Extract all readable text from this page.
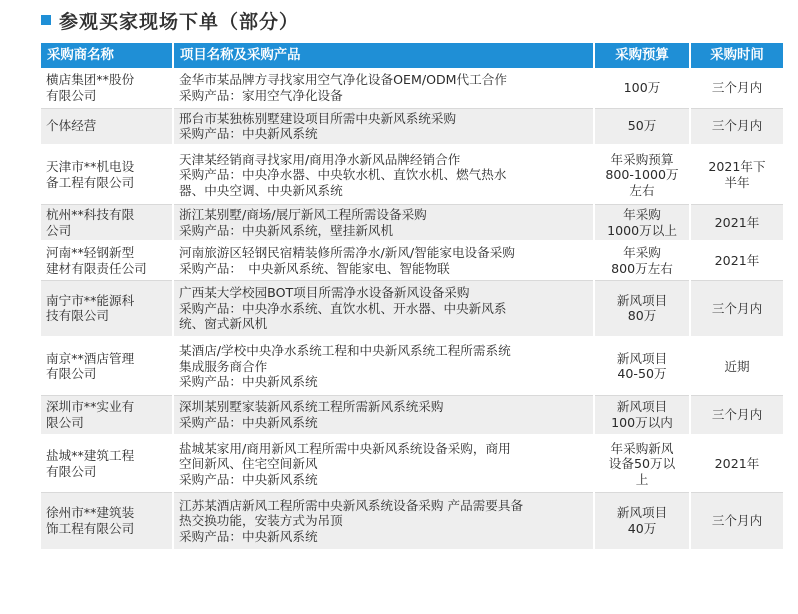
参观买家现场下单（部分）
采购商名称	项目名称及采购产品	采购预算	采购时间

横店集团**股份
有限公司	金华市某品牌方寻找家用空气净化设备OEM/ODM代工合作
采购产品：家用空气净化设备	100万	三个月内

个体经营	邢台市某独栋别墅建设项目所需中央新风系统采购
采购产品：中央新风系统	50万	三个月内

天津市**机电设
备工程有限公司	天津某经销商寻找家用/商用净水新风品牌经销合作
采购产品：中央净水器、中央软水机、直饮水机、燃气热水
器、中央空调、中央新风系统	年采购预算
800-1000万
左右	2021年下
半年

杭州**科技有限
公司	浙江某别墅/商场/展厅新风工程所需设备采购
采购产品：中央新风系统，壁挂新风机	年采购
1000万以上	2021年

河南**轻钢新型
建材有限责任公司	河南旅游区轻钢民宿精装修所需净水/新风/智能家电设备采购
采购产品：　中央新风系统、智能家电、智能物联	年采购
800万左右	2021年

南宁市**能源科
技有限公司	广西某大学校园BOT项目所需净水设备新风设备采购
采购产品：中央净水系统、直饮水机、开水器、中央新风系
统、窗式新风机	新风项目
80万	三个月内

南京**酒店管理
有限公司	某酒店/学校中央净水系统工程和中央新风系统工程所需系统
集成服务商合作
采购产品：中央新风系统	新风项目
40-50万	近期

深圳市**实业有
限公司	深圳某别墅家装新风系统工程所需新风系统采购
采购产品：中央新风系统	新风项目
100万以内	三个月内

盐城**建筑工程
有限公司	盐城某家用/商用新风工程所需中央新风系统设备采购，商用
空间新风、住宅空间新风
采购产品：中央新风系统	年采购新风
设备50万以
上	2021年

徐州市**建筑装
饰工程有限公司	江苏某酒店新风工程所需中央新风系统设备采购 产品需要具备
热交换功能，安装方式为吊顶
采购产品：中央新风系统	新风项目
40万	三个月内
